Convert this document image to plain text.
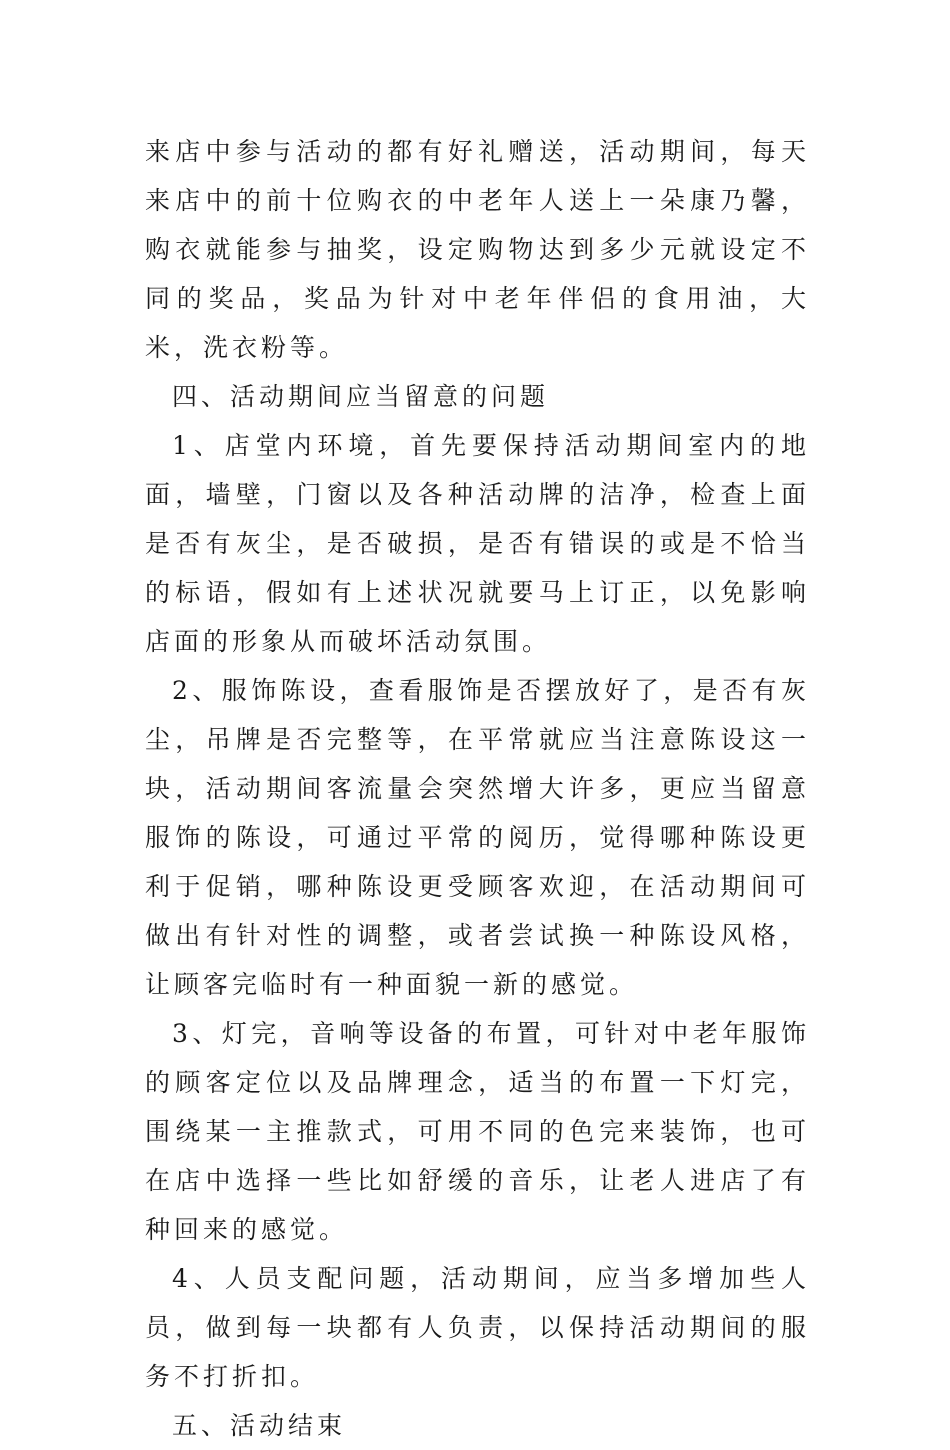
来店中参与活动的都有好礼赠送，活动期间，每天来店中的前十位购衣的中老年人送上一朵康乃馨，购衣就能参与抽奖，设定购物达到多少元就设定不同的奖品，奖品为针对中老年伴侣的食用油，大米，洗衣粉等。

四、活动期间应当留意的问题

1、店堂内环境，首先要保持活动期间室内的地面，墙壁，门窗以及各种活动牌的洁净，检查上面是否有灰尘，是否破损，是否有错误的或是不恰当的标语，假如有上述状况就要马上订正，以免影响店面的形象从而破坏活动氛围。

2、服饰陈设，查看服饰是否摆放好了，是否有灰尘，吊牌是否完整等，在平常就应当注意陈设这一块，活动期间客流量会突然增大许多，更应当留意服饰的陈设，可通过平常的阅历，觉得哪种陈设更利于促销，哪种陈设更受顾客欢迎，在活动期间可做出有针对性的调整，或者尝试换一种陈设风格，让顾客完临时有一种面貌一新的感觉。

3、灯完，音响等设备的布置，可针对中老年服饰的顾客定位以及品牌理念，适当的布置一下灯完，围绕某一主推款式，可用不同的色完来装饰，也可在店中选择一些比如舒缓的音乐，让老人进店了有种回来的感觉。

4、人员支配问题，活动期间，应当多增加些人员，做到每一块都有人负责，以保持活动期间的服务不打折扣。

五、活动结束
